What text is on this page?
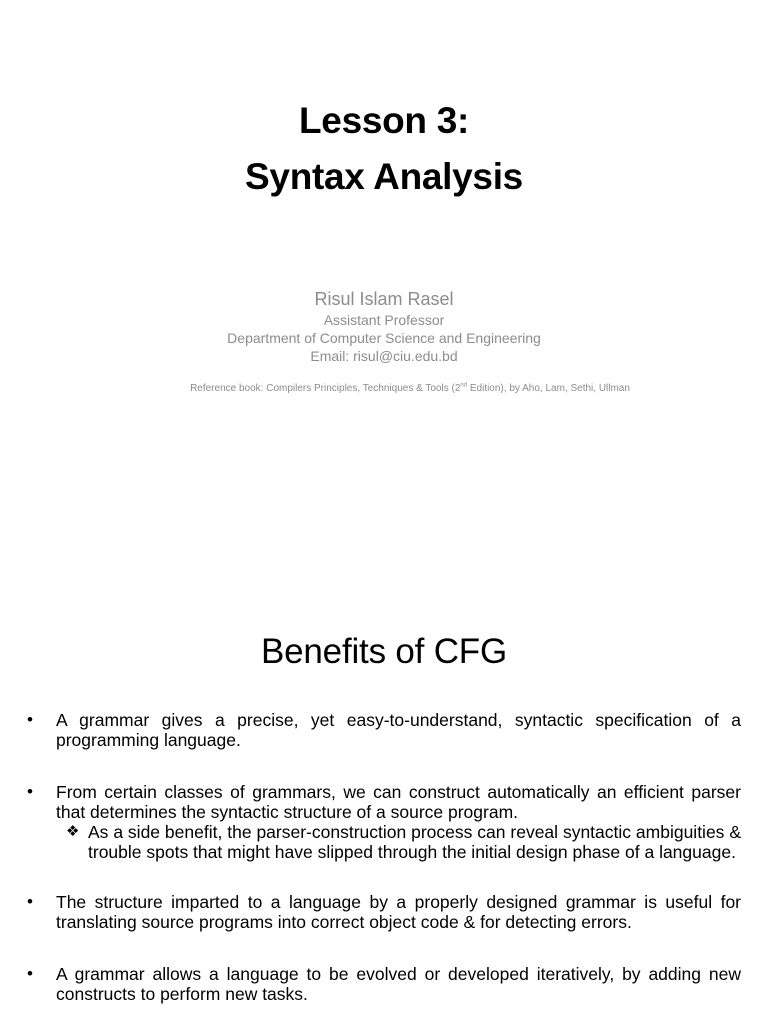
Lesson 3:
Syntax Analysis
Risul Islam Rasel
Assistant Professor
Department of Computer Science and Engineering
Email: risul@ciu.edu.bd
Reference book: Compilers Principles, Techniques & Tools (2nd Edition), by Aho, Lam, Sethi, Ullman
Benefits of CFG
• A grammar gives a precise, yet easy-to-understand, syntactic specification of a programming language.
• From certain classes of grammars, we can construct automatically an efficient parser that determines the syntactic structure of a source program.
❖ As a side benefit, the parser-construction process can reveal syntactic ambiguities & trouble spots that might have slipped through the initial design phase of a language.
• The structure imparted to a language by a properly designed grammar is useful for translating source programs into correct object code & for detecting errors.
• A grammar allows a language to be evolved or developed iteratively, by adding new constructs to perform new tasks.
